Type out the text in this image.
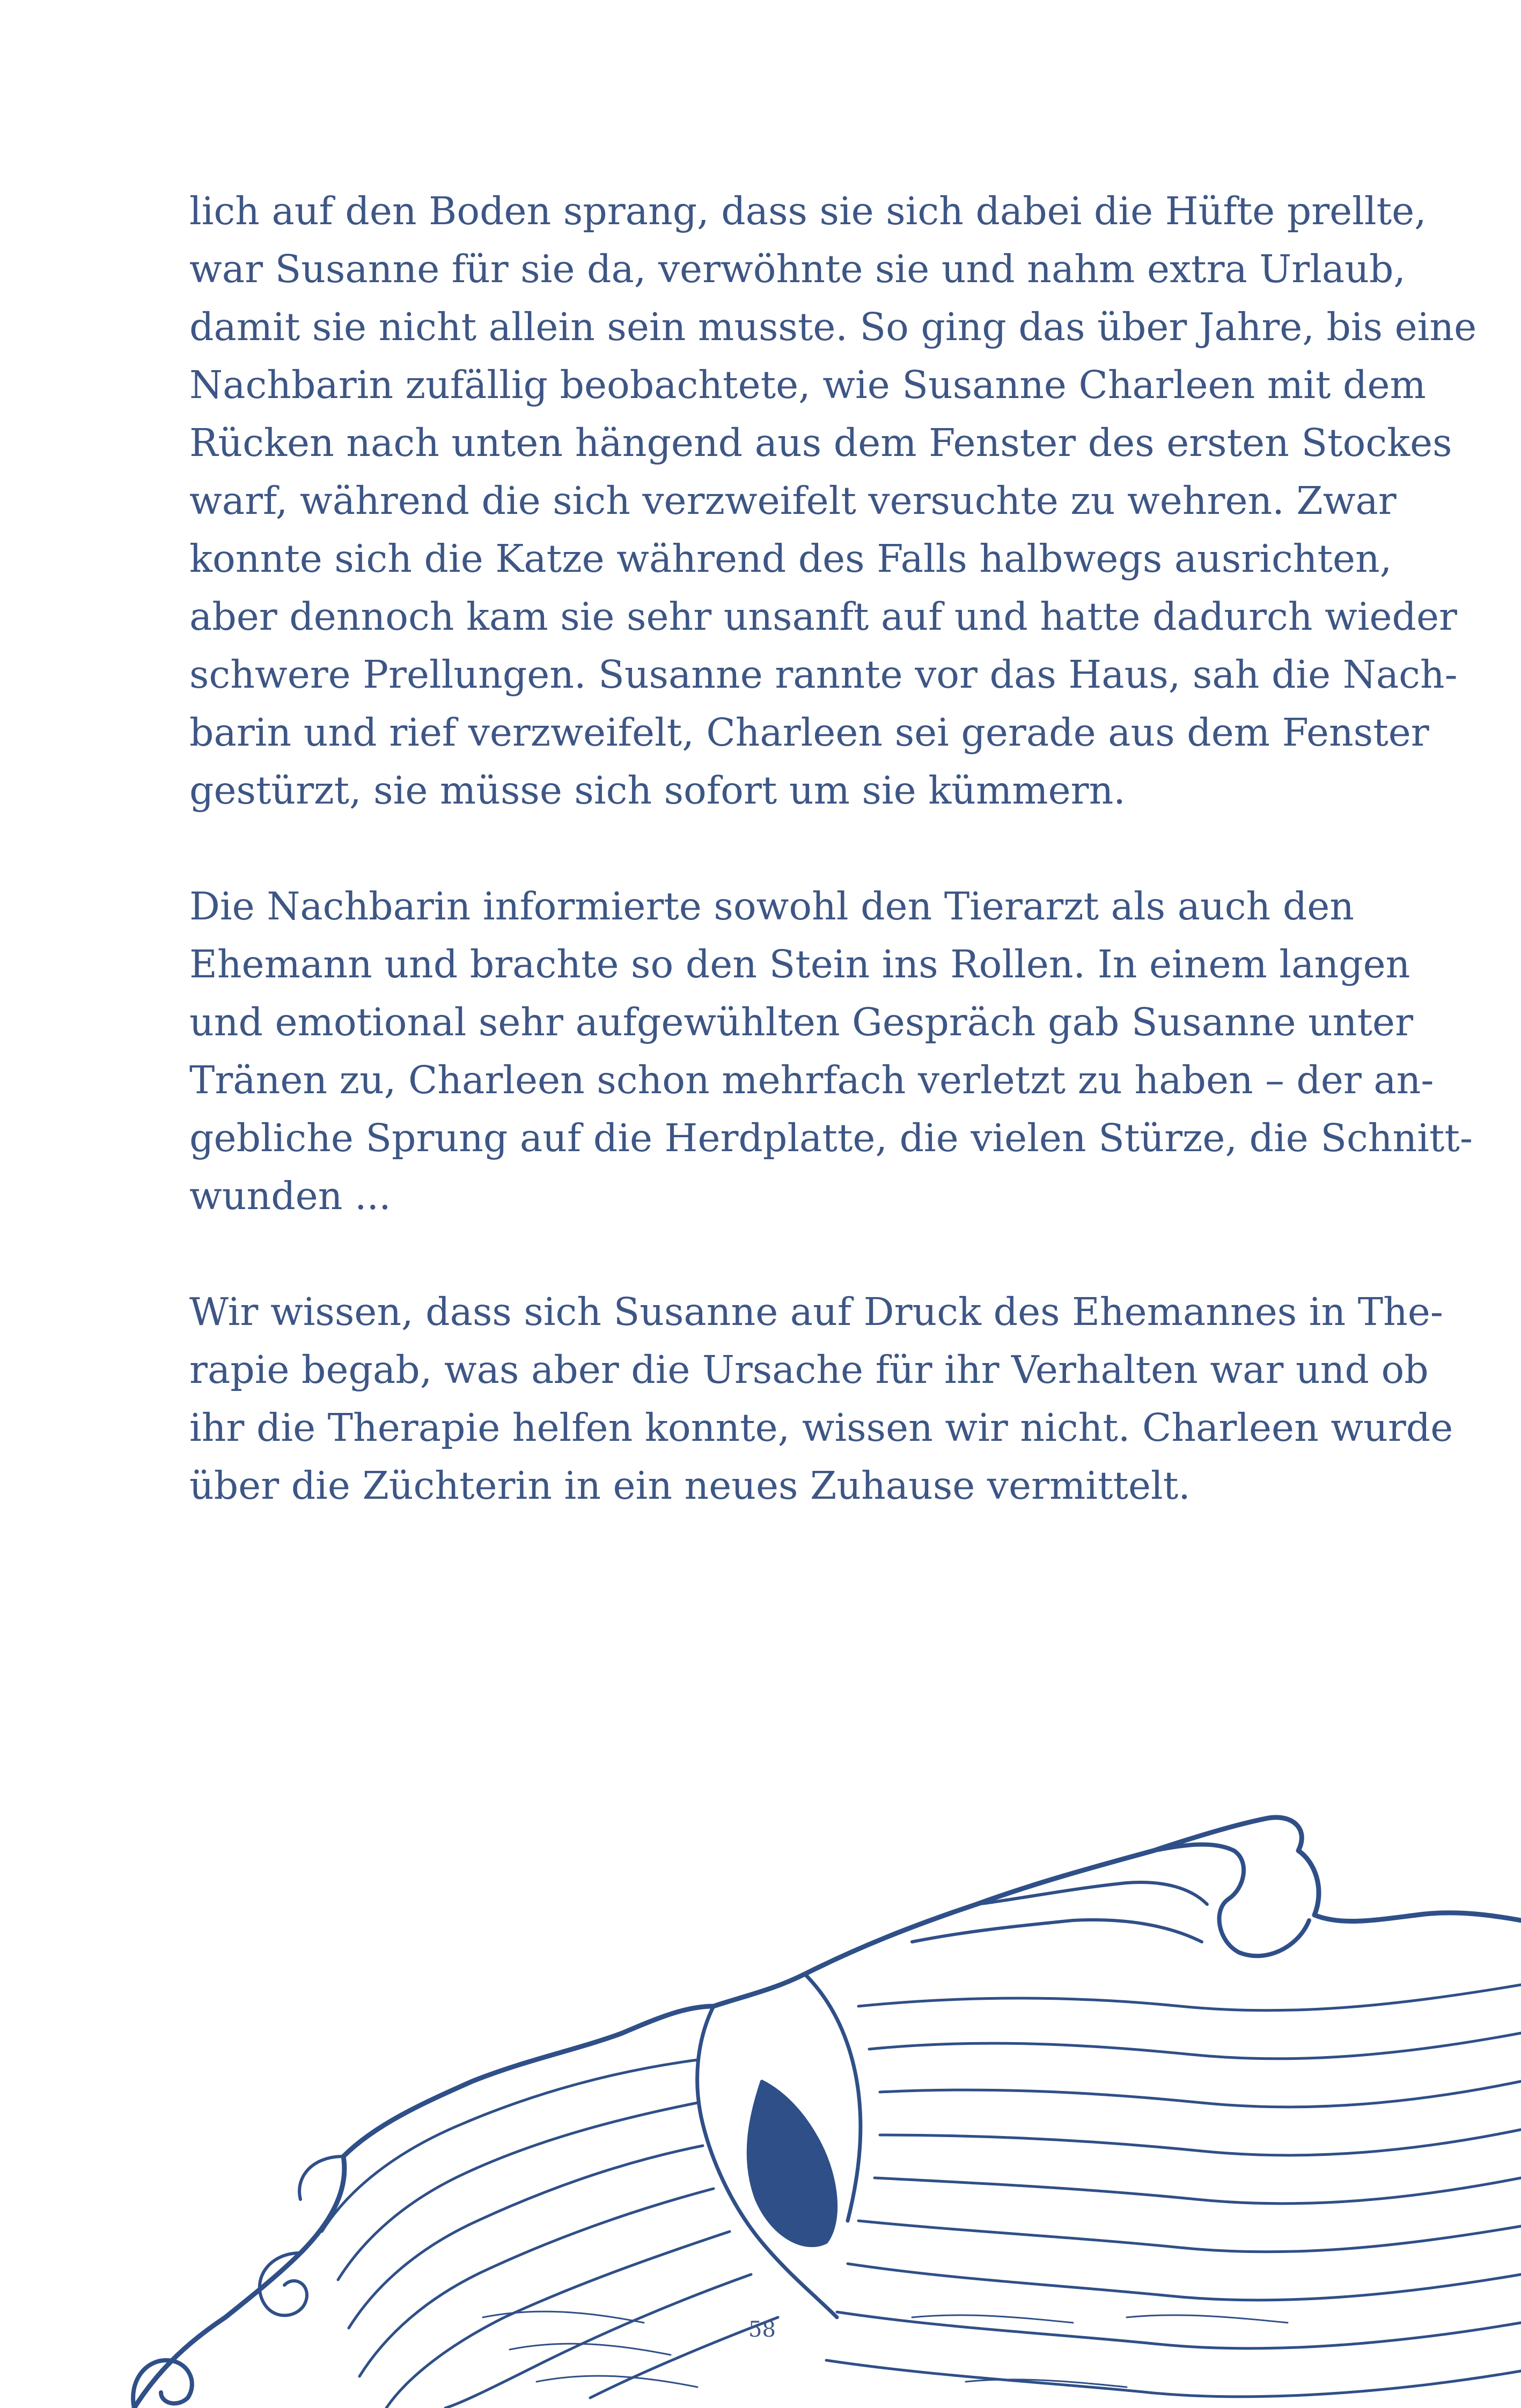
lich auf den Boden sprang, dass sie sich dabei die Hüfte prellte,
war Susanne für sie da, verwöhnte sie und nahm extra Urlaub,
damit sie nicht allein sein musste. So ging das über Jahre, bis eine
Nachbarin zufällig beobachtete, wie Susanne Charleen mit dem
Rücken nach unten hängend aus dem Fenster des ersten Stockes
warf, während die sich verzweifelt versuchte zu wehren. Zwar
konnte sich die Katze während des Falls halbwegs ausrichten,
aber dennoch kam sie sehr unsanft auf und hatte dadurch wieder
schwere Prellungen. Susanne rannte vor das Haus, sah die Nach-
barin und rief verzweifelt, Charleen sei gerade aus dem Fenster
gestürzt, sie müsse sich sofort um sie kümmern.
Die Nachbarin informierte sowohl den Tierarzt als auch den
Ehemann und brachte so den Stein ins Rollen. In einem langen
und emotional sehr aufgewühlten Gespräch gab Susanne unter
Tränen zu, Charleen schon mehrfach verletzt zu haben – der an-
gebliche Sprung auf die Herdplatte, die vielen Stürze, die Schnitt-
wunden ...
Wir wissen, dass sich Susanne auf Druck des Ehemannes in The-
rapie begab, was aber die Ursache für ihr Verhalten war und ob
ihr die Therapie helfen konnte, wissen wir nicht. Charleen wurde
über die Züchterin in ein neues Zuhause vermittelt.
58
